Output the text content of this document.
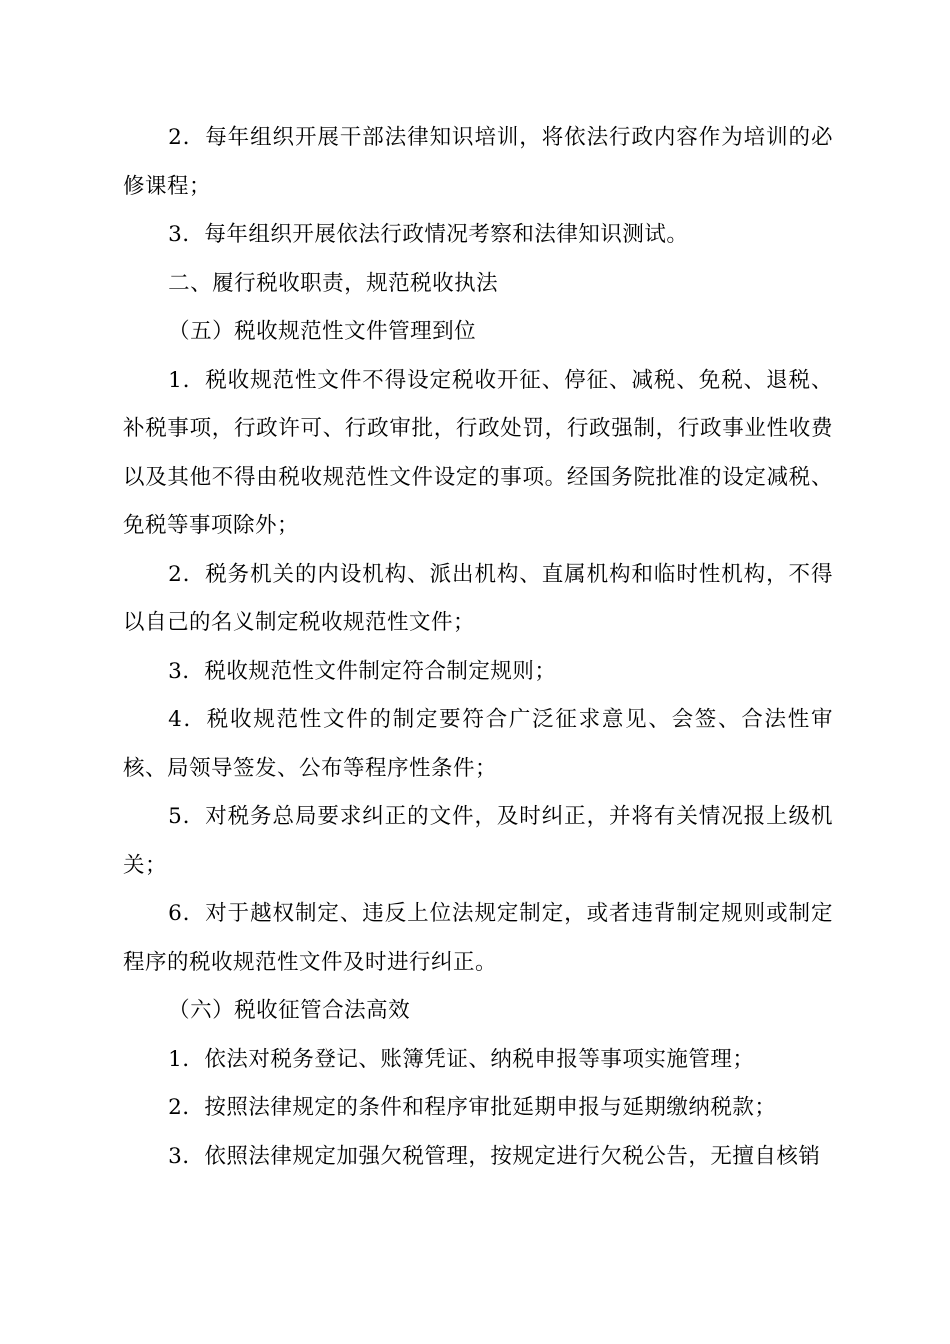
2．每年组织开展干部法律知识培训，将依法行政内容作为培训的必修课程；

3．每年组织开展依法行政情况考察和法律知识测试。

二、履行税收职责，规范税收执法

（五）税收规范性文件管理到位

1．税收规范性文件不得设定税收开征、停征、减税、免税、退税、补税事项，行政许可、行政审批，行政处罚，行政强制，行政事业性收费以及其他不得由税收规范性文件设定的事项。经国务院批准的设定减税、免税等事项除外；

2．税务机关的内设机构、派出机构、直属机构和临时性机构，不得以自己的名义制定税收规范性文件；

3．税收规范性文件制定符合制定规则；

4．税收规范性文件的制定要符合广泛征求意见、会签、合法性审核、局领导签发、公布等程序性条件；

5．对税务总局要求纠正的文件，及时纠正，并将有关情况报上级机关；

6．对于越权制定、违反上位法规定制定，或者违背制定规则或制定程序的税收规范性文件及时进行纠正。

（六）税收征管合法高效

1．依法对税务登记、账簿凭证、纳税申报等事项实施管理；

2．按照法律规定的条件和程序审批延期申报与延期缴纳税款；

3．依照法律规定加强欠税管理，按规定进行欠税公告，无擅自核销
